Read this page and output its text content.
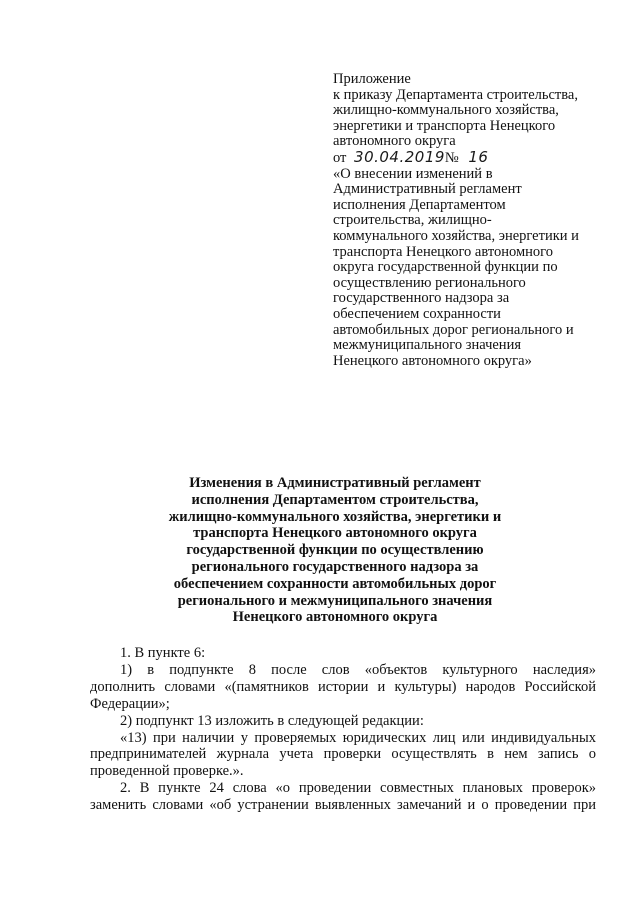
Приложение
к приказу Департамента строительства,
жилищно-коммунального хозяйства,
энергетики и транспорта Ненецкого
автономного округа
от 30.04.2019№ 16
«О внесении изменений в
Административный регламент
исполнения Департаментом
строительства, жилищно-
коммунального хозяйства, энергетики и
транспорта Ненецкого автономного
округа государственной функции по
осуществлению регионального
государственного надзора за
обеспечением сохранности
автомобильных дорог регионального и
межмуниципального значения
Ненецкого автономного округа»
Изменения в Административный регламент
исполнения Департаментом строительства,
жилищно-коммунального хозяйства, энергетики и
транспорта Ненецкого автономного округа
государственной функции по осуществлению
регионального государственного надзора за
обеспечением сохранности автомобильных дорог
регионального и межмуниципального значения
Ненецкого автономного округа
1. В пункте 6:
1) в подпункте 8 после слов «объектов культурного наследия»
дополнить словами «(памятников истории и культуры) народов Российской
Федерации»;
2) подпункт 13 изложить в следующей редакции:
«13) при наличии у проверяемых юридических лиц или индивидуальных
предпринимателей журнала учета проверки осуществлять в нем запись о
проведенной проверке.».
2. В пункте 24 слова «о проведении совместных плановых проверок»
заменить словами «об устранении выявленных замечаний и о проведении при
